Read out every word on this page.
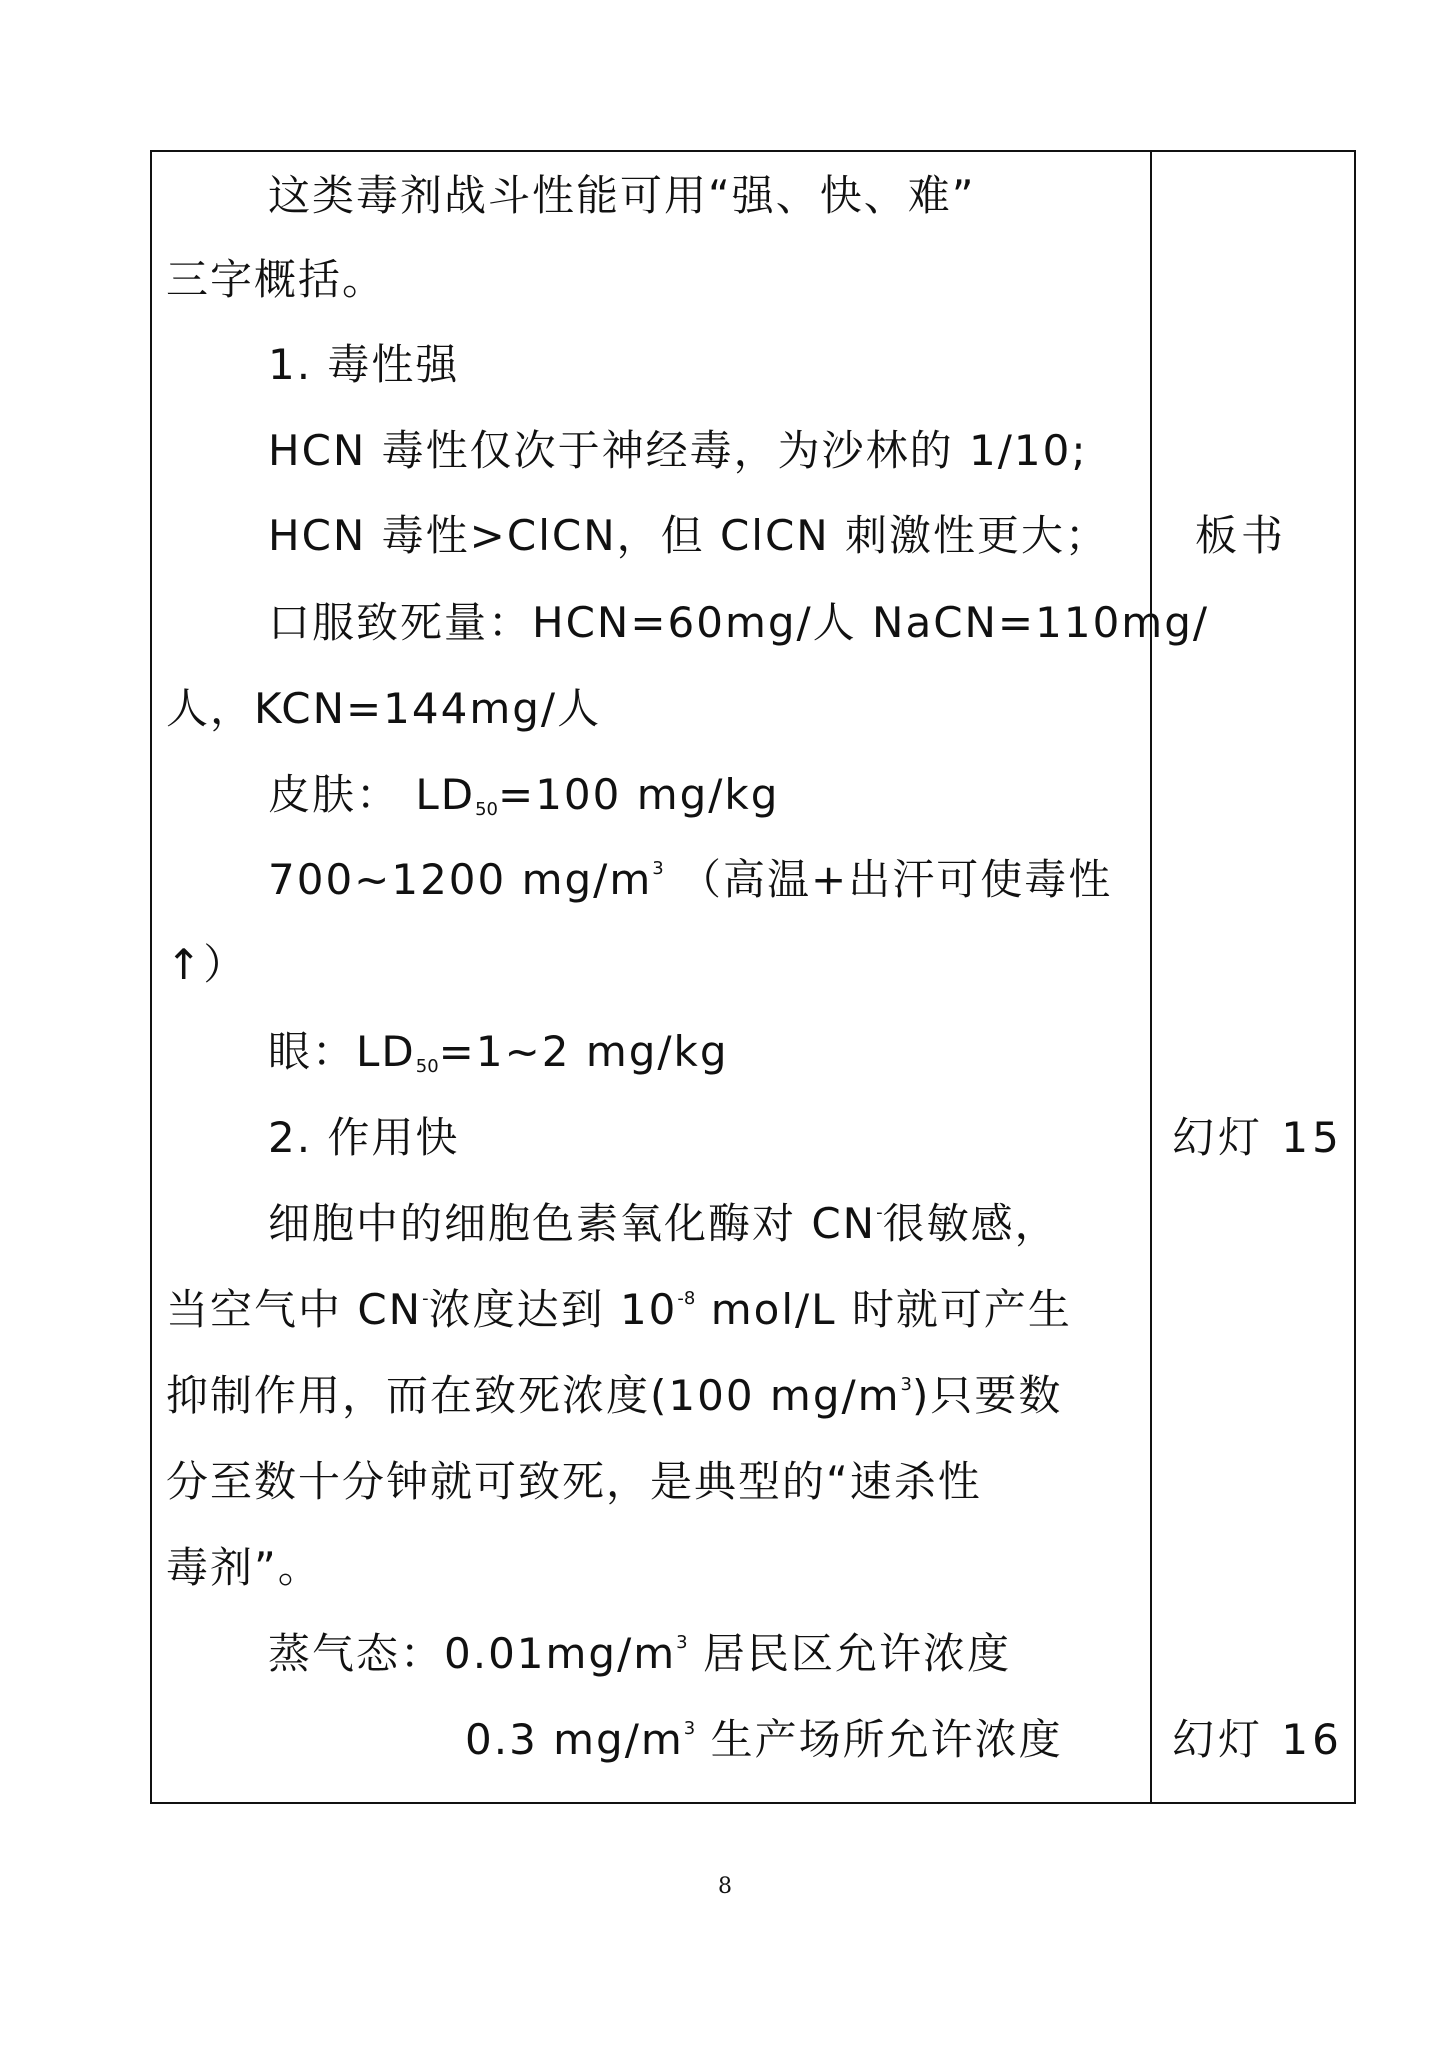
这类毒剂战斗性能可用“强、快、难”
三字概括。
1. 毒性强
HCN 毒性仅次于神经毒，为沙林的 1/10;
HCN 毒性>ClCN，但 ClCN 刺激性更大；
口服致死量：HCN=60mg/人 NaCN=110mg/
人，KCN=144mg/人
皮肤： $LD_{50}=100$ mg/kg
700~1200 $mg/m^3$ （高温+出汗可使毒性
↑）
眼：$LD_{50}=1\sim 2$ mg/kg
2. 作用快
细胞中的细胞色素氧化酶对 CN-很敏感，
当空气中 CN-浓度达到 $10^{-8}$ mol/L 时就可产生
抑制作用，而在致死浓度(100 $mg/m^3$)只要数
分至数十分钟就可致死，是典型的“速杀性
毒剂”。
蒸气态：$0.01mg/m^3$ 居民区允许浓度
0.3 $mg/m^3$ 生产场所允许浓度
板书
幻灯 15
幻灯 16
8
